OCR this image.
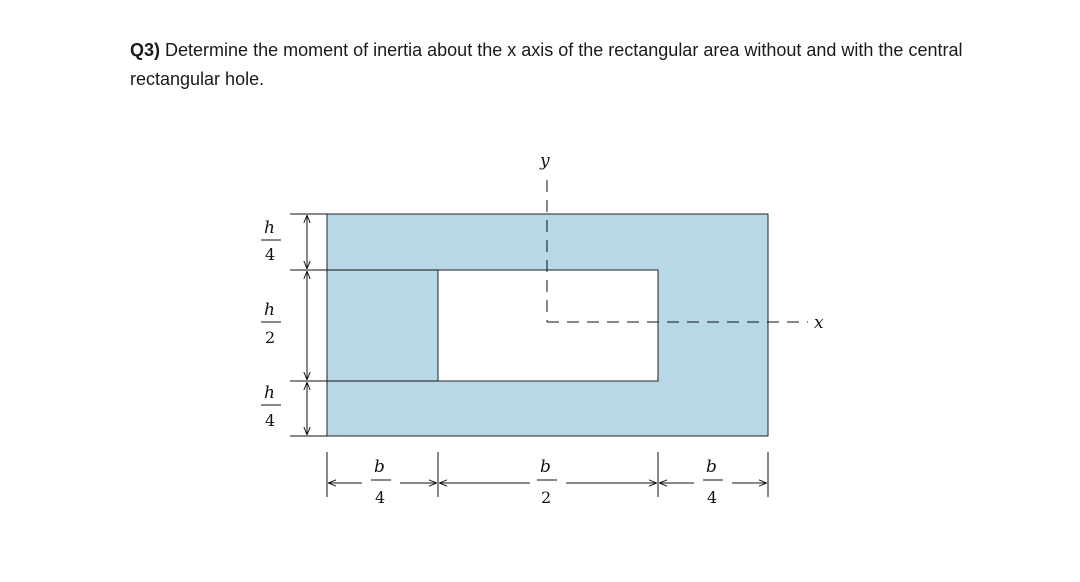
Q3) Determine the moment of inertia about the x axis of the rectangular area without and with the central rectangular hole.
y
x
h
4
h
2
h
4
b
4
b
2
b
4
